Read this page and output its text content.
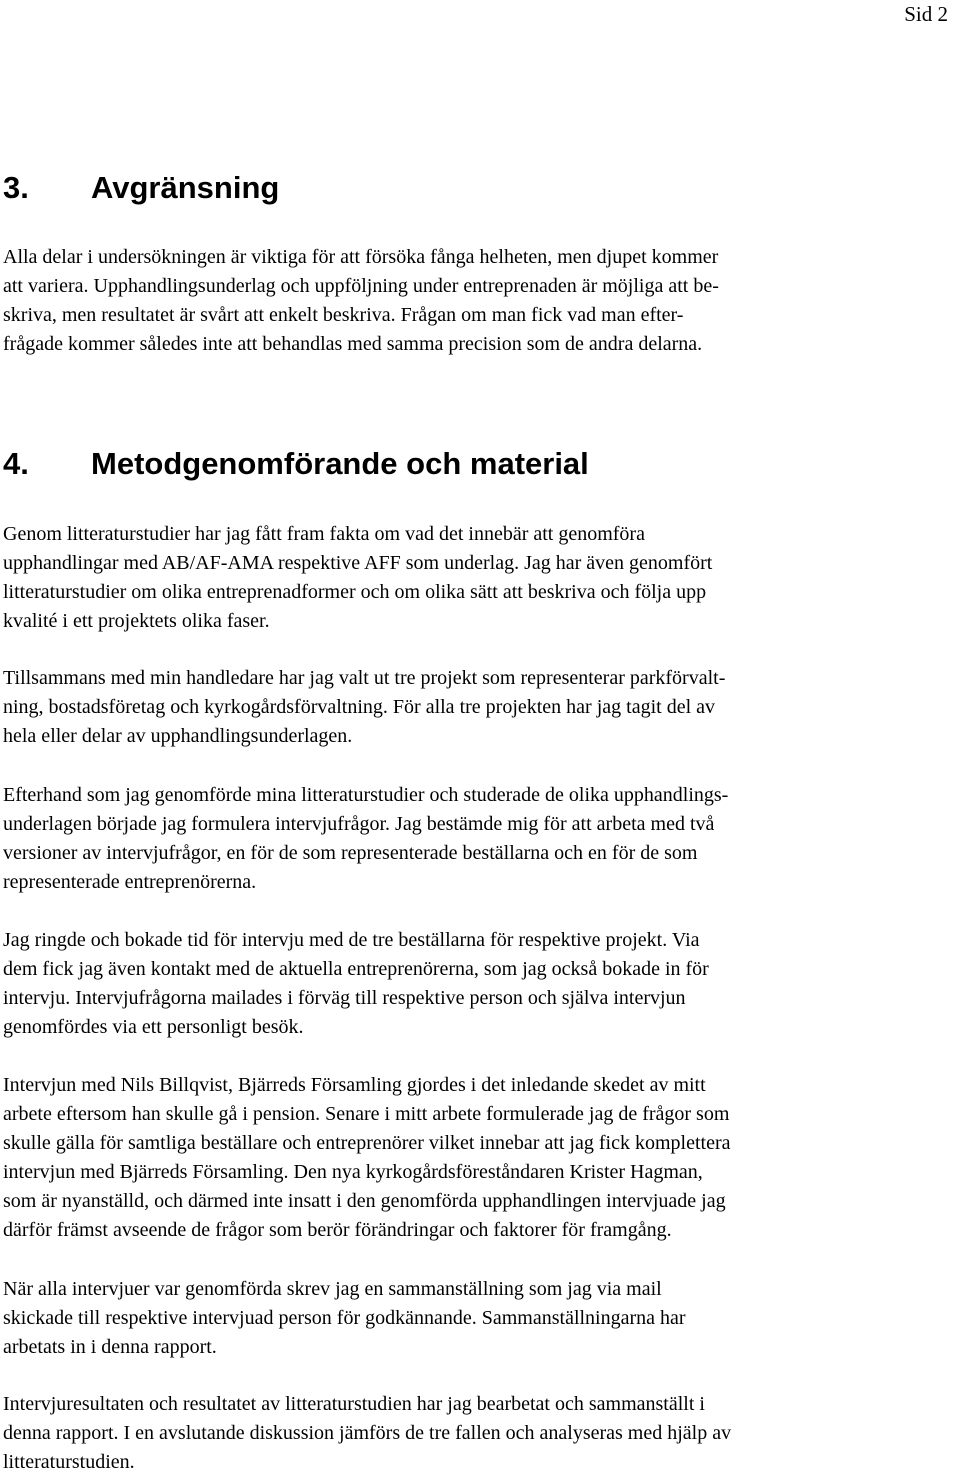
Sid 2
3. Avgränsning

Alla delar i undersökningen är viktiga för att försöka fånga helheten, men djupet kommer
att variera. Upphandlingsunderlag och uppföljning under entreprenaden är möjliga att be-
skriva, men resultatet är svårt att enkelt beskriva. Frågan om man fick vad man efter-
frågade kommer således inte att behandlas med samma precision som de andra delarna.

4. Metodgenomförande och material

Genom litteraturstudier har jag fått fram fakta om vad det innebär att genomföra
upphandlingar med AB/AF-AMA respektive AFF som underlag. Jag har även genomfört
litteraturstudier om olika entreprenadformer och om olika sätt att beskriva och följa upp
kvalité i ett projektets olika faser.

Tillsammans med min handledare har jag valt ut tre projekt som representerar parkförvalt-
ning, bostadsföretag och kyrkogårdsförvaltning. För alla tre projekten har jag tagit del av
hela eller delar av upphandlingsunderlagen.

Efterhand som jag genomförde mina litteraturstudier och studerade de olika upphandlings-
underlagen började jag formulera intervjufrågor. Jag bestämde mig för att arbeta med två
versioner av intervjufrågor, en för de som representerade beställarna och en för de som
representerade entreprenörerna.

Jag ringde och bokade tid för intervju med de tre beställarna för respektive projekt. Via
dem fick jag även kontakt med de aktuella entreprenörerna, som jag också bokade in för
intervju. Intervjufrågorna mailades i förväg till respektive person och själva intervjun
genomfördes via ett personligt besök.

Intervjun med Nils Billqvist, Bjärreds Församling gjordes i det inledande skedet av mitt
arbete eftersom han skulle gå i pension. Senare i mitt arbete formulerade jag de frågor som
skulle gälla för samtliga beställare och entreprenörer vilket innebar att jag fick komplettera
intervjun med Bjärreds Församling. Den nya kyrkogårdsföreståndaren Krister Hagman,
som är nyanställd, och därmed inte insatt i den genomförda upphandlingen intervjuade jag
därför främst avseende de frågor som berör förändringar och faktorer för framgång.

När alla intervjuer var genomförda skrev jag en sammanställning som jag via mail
skickade till respektive intervjuad person för godkännande. Sammanställningarna har
arbetats in i denna rapport.

Intervjuresultaten och resultatet av litteraturstudien har jag bearbetat och sammanställt i
denna rapport. I en avslutande diskussion jämförs de tre fallen och analyseras med hjälp av
litteraturstudien.
